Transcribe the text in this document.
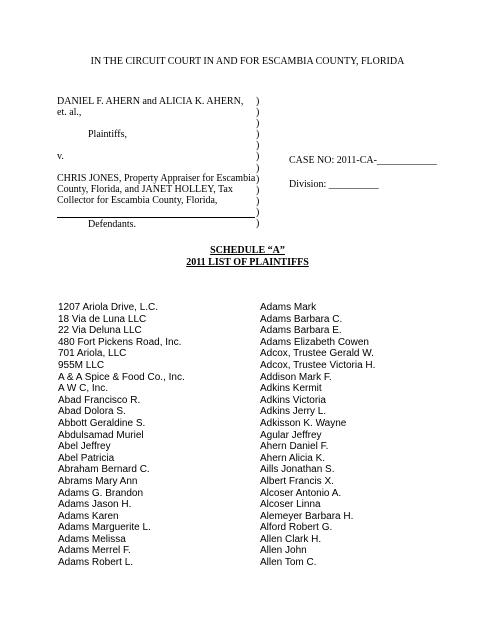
IN THE CIRCUIT COURT IN AND FOR ESCAMBIA COUNTY, FLORIDA
DANIEL F. AHERN and ALICIA K. AHERN,
et. al.,
Plaintiffs,
v.
CHRIS JONES, Property Appraiser for Escambia
County, Florida, and JANET HOLLEY, Tax
Collector for Escambia County, Florida,
Defendants.
)
)
)
)
)
)
)
)
)
)
)
)
CASE NO: 2011-CA-____________
Division: __________
SCHEDULE “A”
2011 LIST OF PLAINTIFFS
1207 Ariola Drive, L.C.
18 Via de Luna LLC
22 Via Deluna LLC
480 Fort Pickens Road, Inc.
701 Ariola, LLC
955M LLC
A & A Spice & Food Co., Inc.
A W C, Inc.
Abad Francisco R.
Abad Dolora S.
Abbott Geraldine S.
Abdulsamad Muriel
Abel Jeffrey
Abel Patricia
Abraham Bernard C.
Abrams Mary Ann
Adams G. Brandon
Adams Jason H.
Adams Karen
Adams Marguerite L.
Adams Melissa
Adams Merrel F.
Adams Robert L.
Adams Mark
Adams Barbara C.
Adams Barbara E.
Adams Elizabeth Cowen
Adcox, Trustee Gerald W.
Adcox, Trustee Victoria H.
Addison Mark F.
Adkins Kermit
Adkins Victoria
Adkins Jerry L.
Adkisson K. Wayne
Agular Jeffrey
Ahern Daniel F.
Ahern Alicia K.
Aills Jonathan S.
Albert Francis X.
Alcoser Antonio A.
Alcoser Linna
Alemeyer Barbara H.
Alford Robert G.
Allen Clark H.
Allen John
Allen Tom C.
